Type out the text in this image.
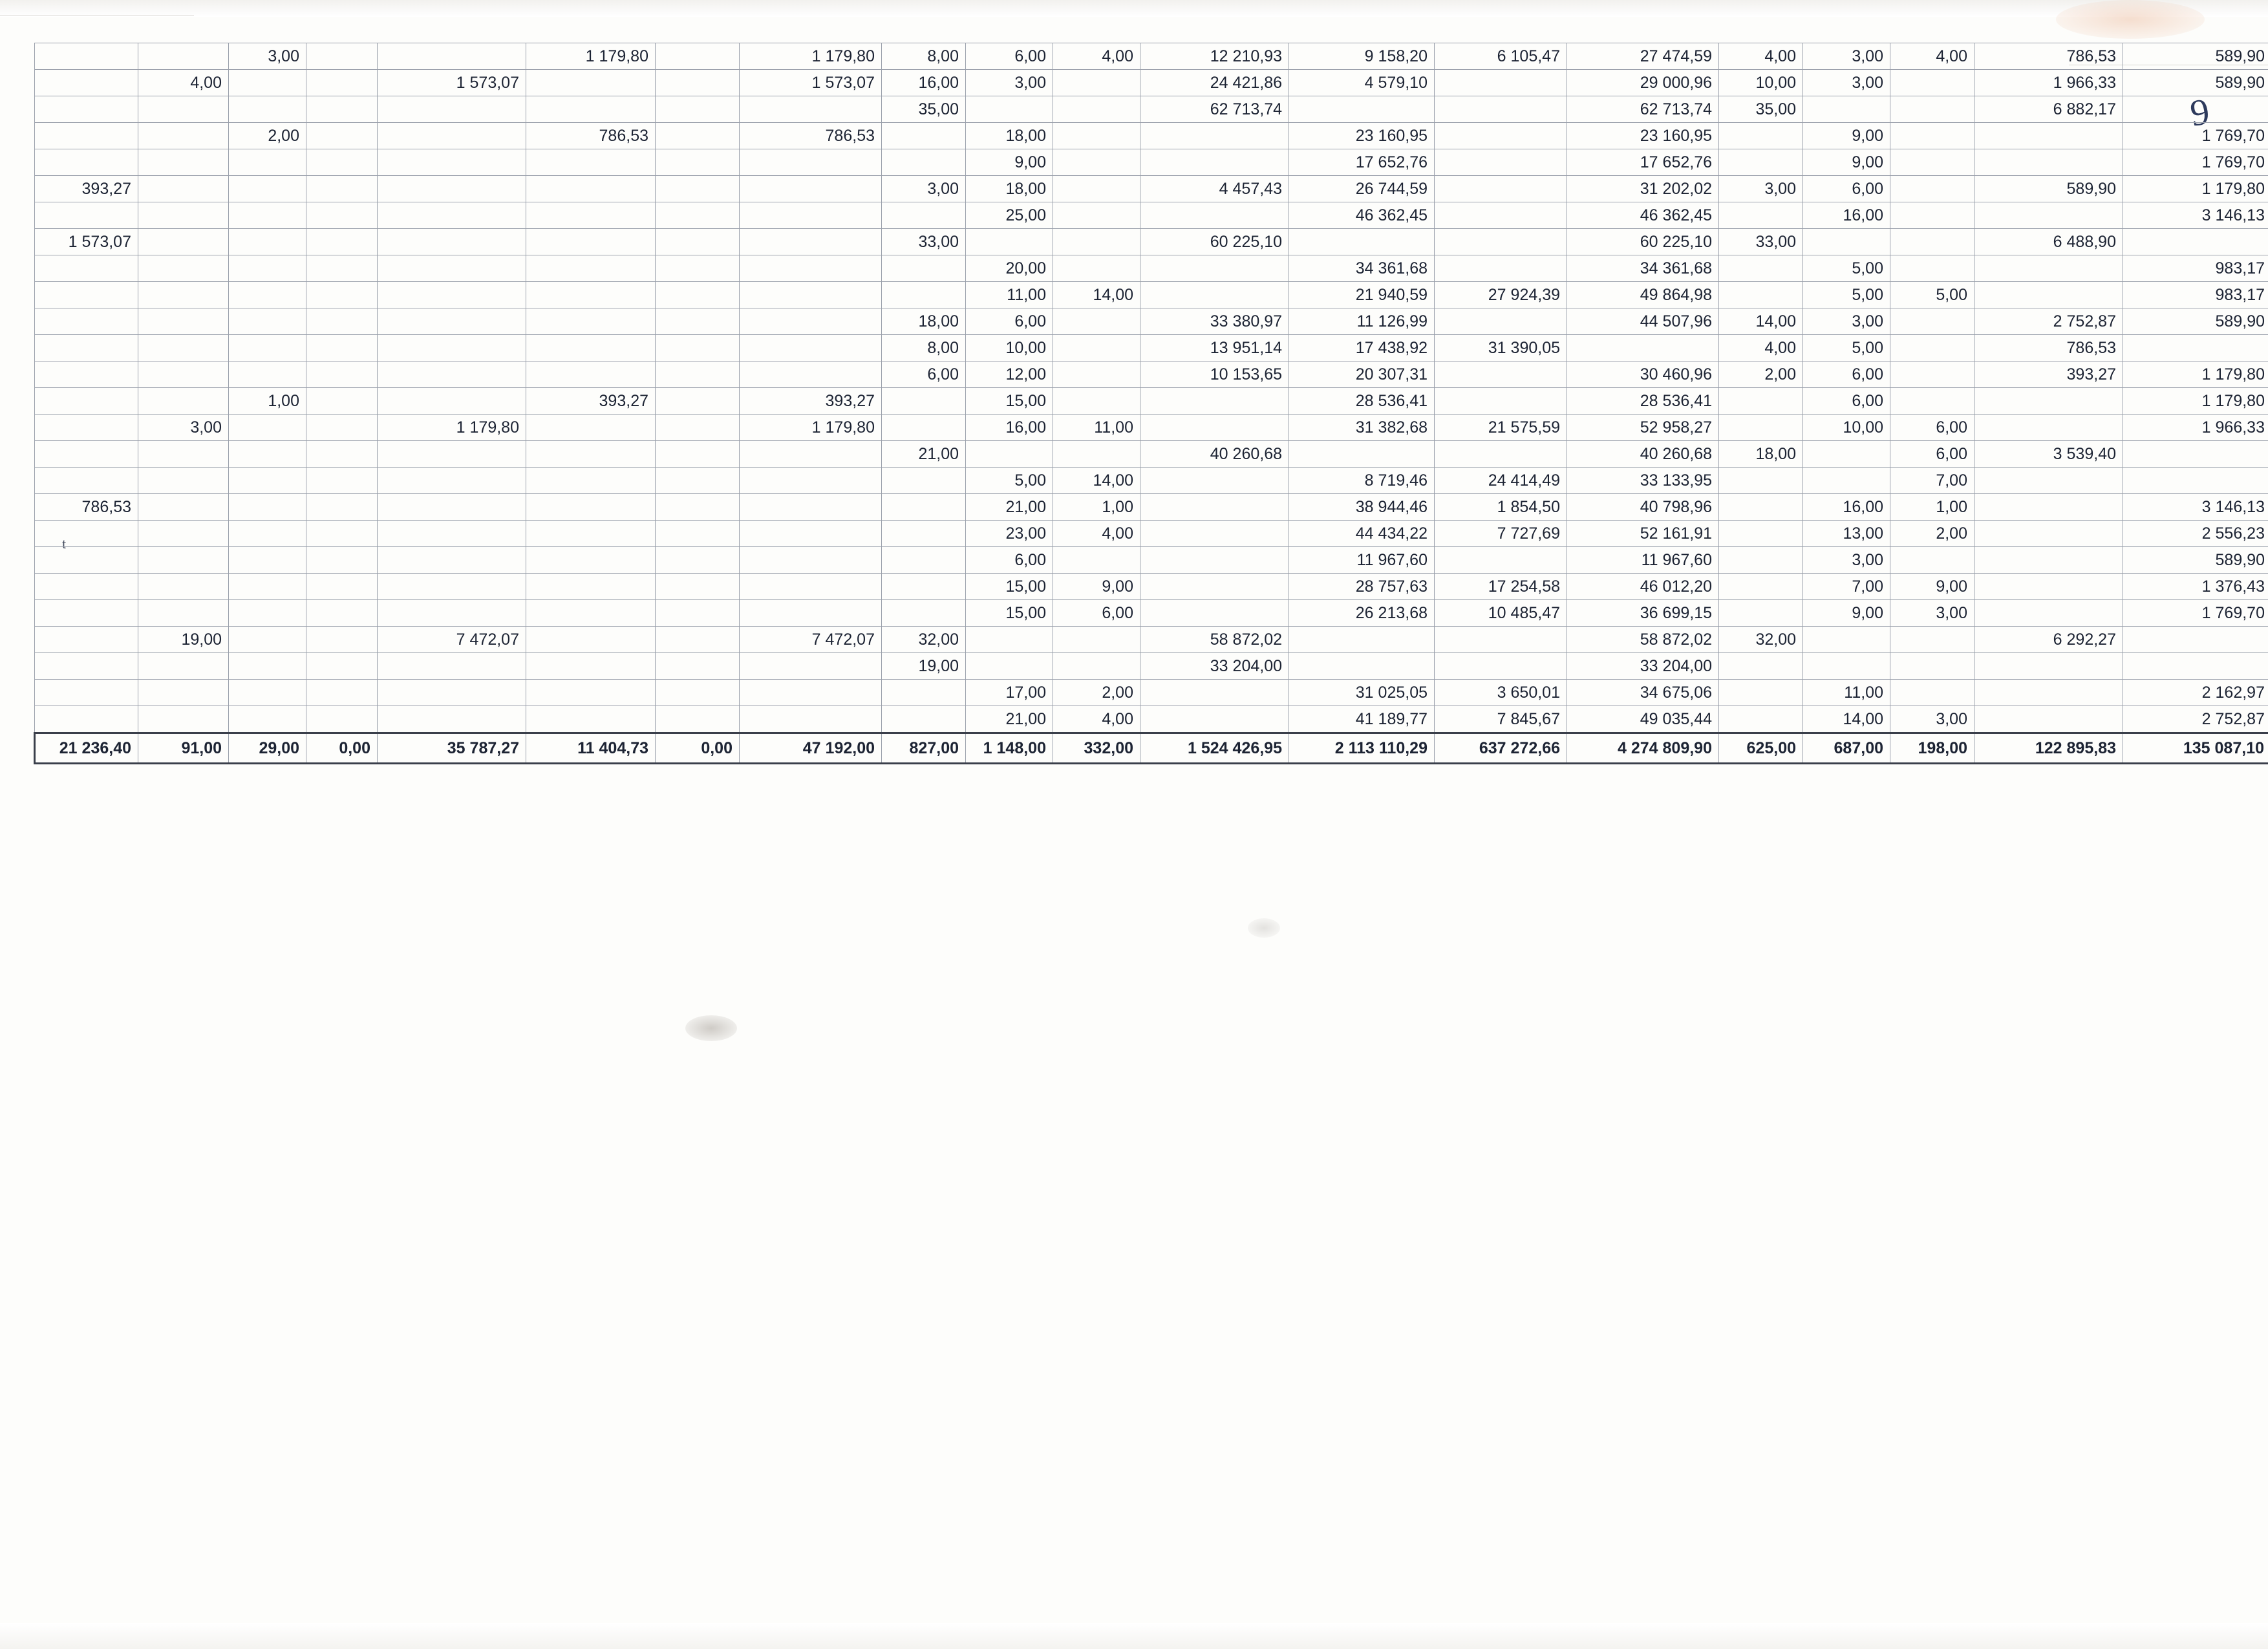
9
t
		3,00			1 179,80		1 179,80	8,00	6,00	4,00	12 210,93	9 158,20	6 105,47	27 474,59	4,00	3,00	4,00	786,53	589,90
	4,00			1 573,07			1 573,07	16,00	3,00		24 421,86	4 579,10		29 000,96	10,00	3,00		1 966,33	589,90
								35,00			62 713,74			62 713,74	35,00			6 882,17	
		2,00			786,53		786,53		18,00			23 160,95		23 160,95		9,00			1 769,70
									9,00			17 652,76		17 652,76		9,00			1 769,70
393,27								3,00	18,00		4 457,43	26 744,59		31 202,02	3,00	6,00		589,90	1 179,80
									25,00			46 362,45		46 362,45		16,00			3 146,13
1 573,07								33,00			60 225,10			60 225,10	33,00			6 488,90	
									20,00			34 361,68		34 361,68		5,00			983,17
									11,00	14,00		21 940,59	27 924,39	49 864,98		5,00	5,00		983,17
								18,00	6,00		33 380,97	11 126,99		44 507,96	14,00	3,00		2 752,87	589,90
								8,00	10,00		13 951,14	17 438,92	31 390,05		4,00	5,00		786,53	
								6,00	12,00		10 153,65	20 307,31		30 460,96	2,00	6,00		393,27	1 179,80
		1,00			393,27		393,27		15,00			28 536,41		28 536,41		6,00			1 179,80
	3,00			1 179,80			1 179,80		16,00	11,00		31 382,68	21 575,59	52 958,27		10,00	6,00		1 966,33
								21,00			40 260,68			40 260,68	18,00		6,00	3 539,40	
									5,00	14,00		8 719,46	24 414,49	33 133,95			7,00		
786,53									21,00	1,00		38 944,46	1 854,50	40 798,96		16,00	1,00		3 146,13
									23,00	4,00		44 434,22	7 727,69	52 161,91		13,00	2,00		2 556,23
									6,00			11 967,60		11 967,60		3,00			589,90
									15,00	9,00		28 757,63	17 254,58	46 012,20		7,00	9,00		1 376,43
									15,00	6,00		26 213,68	10 485,47	36 699,15		9,00	3,00		1 769,70
	19,00			7 472,07			7 472,07	32,00			58 872,02			58 872,02	32,00			6 292,27	
								19,00			33 204,00			33 204,00					
									17,00	2,00		31 025,05	3 650,01	34 675,06		11,00			2 162,97
									21,00	4,00		41 189,77	7 845,67	49 035,44		14,00	3,00		2 752,87
21 236,40	91,00	29,00	0,00	35 787,27	11 404,73	0,00	47 192,00	827,00	1 148,00	332,00	1 524 426,95	2 113 110,29	637 272,66	4 274 809,90	625,00	687,00	198,00	122 895,83	135 087,10
